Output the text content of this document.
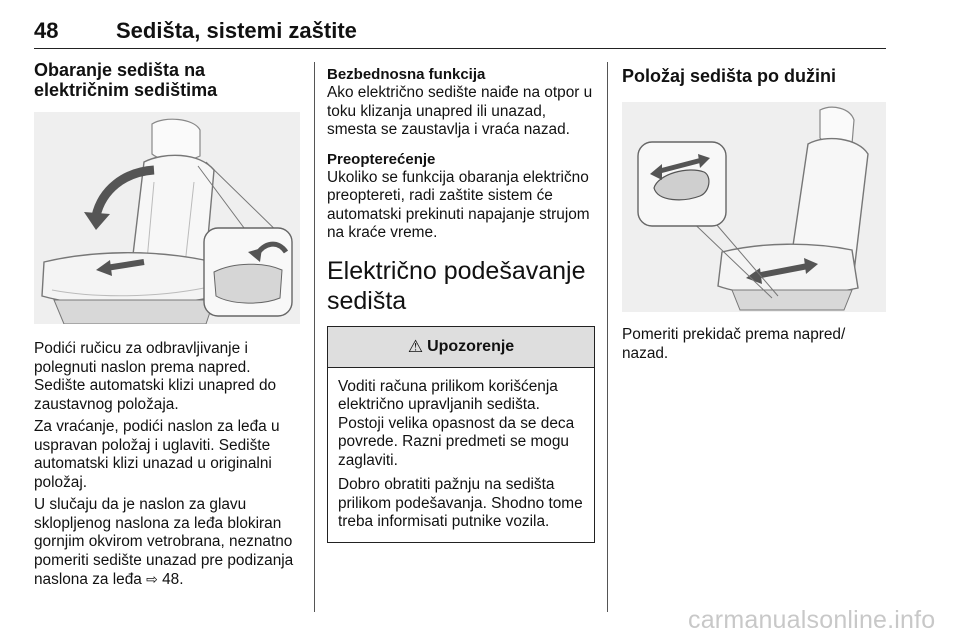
48	Sedišta, sistemi zaštite
Obaranje sedišta na električnim sedištima

Podići ručicu za odbravljivanje i polegnuti naslon prema napred. Sedište automatski klizi unapred do zaustavnog položaja.

Za vraćanje, podići naslon za leđa u uspravan položaj i uglaviti. Sedište automatski klizi unazad u originalni položaj.

U slučaju da je naslon za glavu sklopljenog naslona za leđa blokiran gornjim okvirom vetrobrana, neznatno pomeriti sedište unazad pre podizanja naslona za leđa ⇨ 48.

Bezbednosna funkcija

Ako električno sedište naiđe na otpor u toku klizanja unapred ili unazad, smesta se zaustavlja i vraća nazad.

Preopterećenje

Ukoliko se funkcija obaranja električno preoptereti, radi zaštite sistem će automatski prekinuti napajanje strujom na kraće vreme.

Električno podešavanje sedišta
⚠ Upozorenje

Voditi računa prilikom korišćenja električno upravljanih sedišta. Postoji velika opasnost da se deca povrede. Razni predmeti se mogu zaglaviti.

Dobro obratiti pažnju na sedišta prilikom podešavanja. Shodno tome treba informisati putnike vozila.

Položaj sedišta po dužini

Pomeriti prekidač prema napred/ nazad.

carmanualsonline.info
